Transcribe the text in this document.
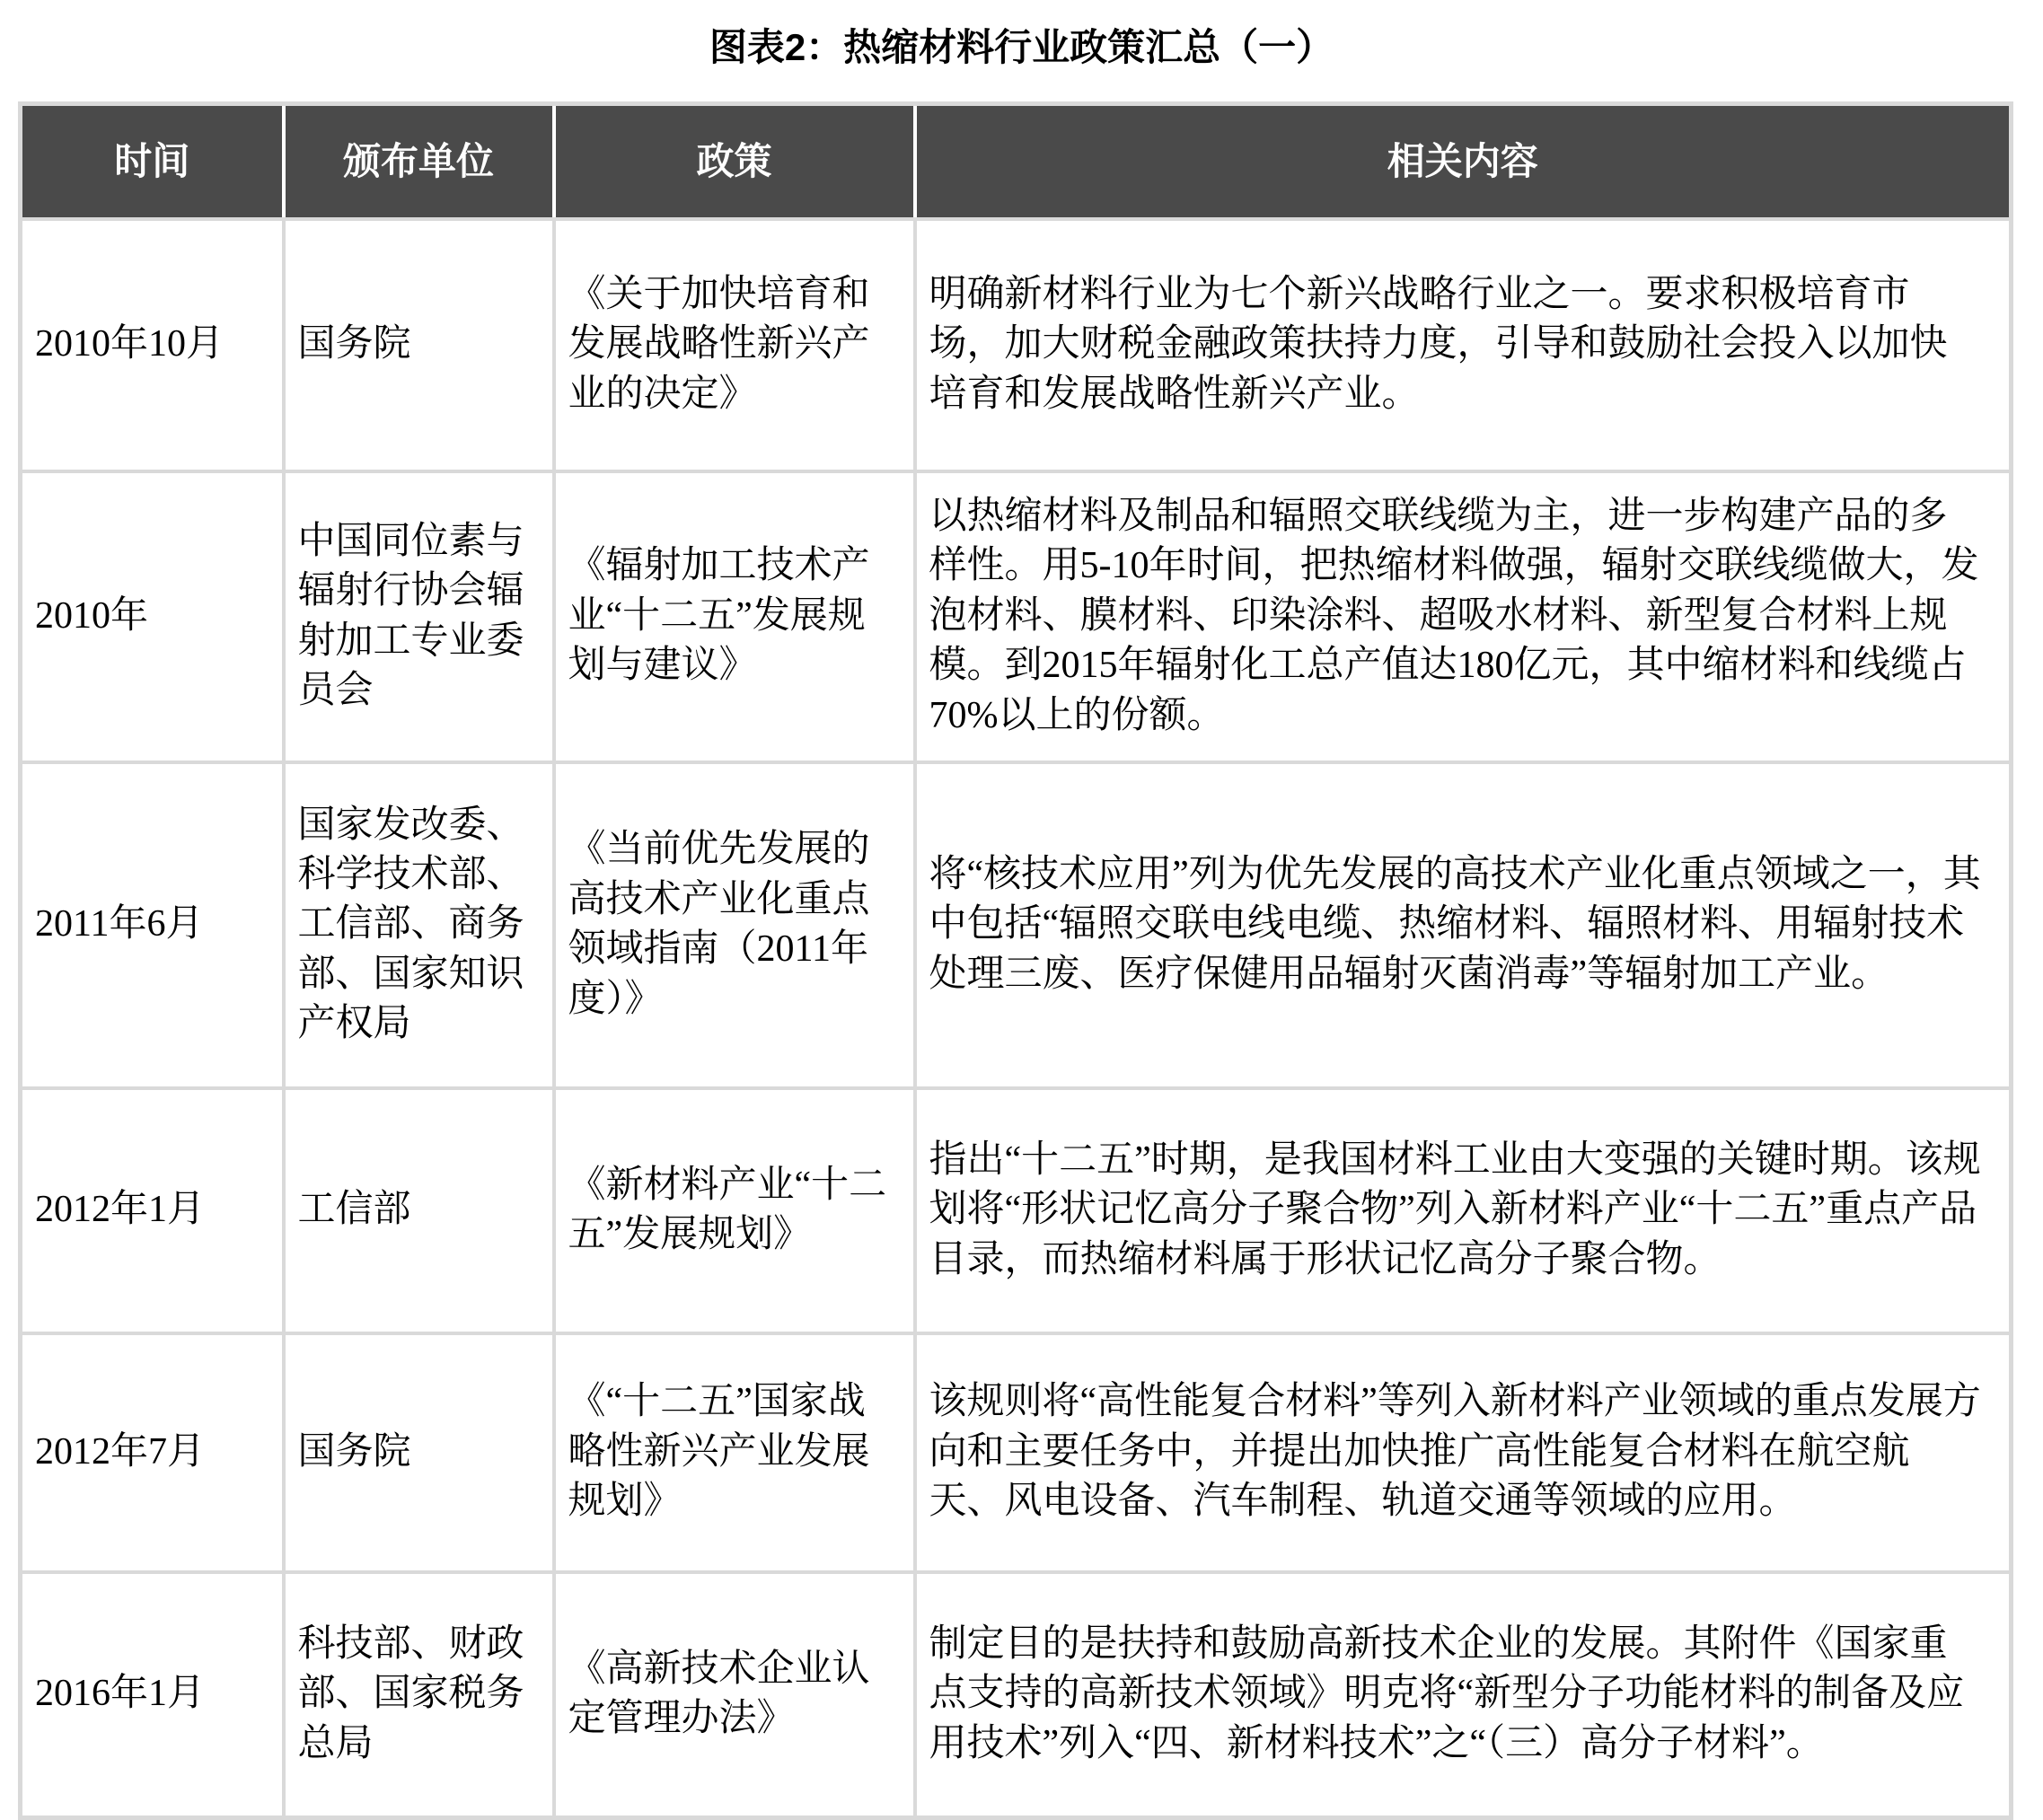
图表2：热缩材料行业政策汇总（一）
时间	颁布单位	政策	相关内容
2010年10月	国务院	《关于加快培育和发展战略性新兴产业的决定》	明确新材料行业为七个新兴战略行业之一。要求积极培育市场，加大财税金融政策扶持力度，引导和鼓励社会投入以加快培育和发展战略性新兴产业。
2010年	中国同位素与辐射行协会辐射加工专业委员会	《辐射加工技术产业“十二五”发展规划与建议》	以热缩材料及制品和辐照交联线缆为主，进一步构建产品的多样性。用5-10年时间，把热缩材料做强，辐射交联线缆做大，发泡材料、膜材料、印染涂料、超吸水材料、新型复合材料上规模。到2015年辐射化工总产值达180亿元，其中缩材料和线缆占70%以上的份额。
2011年6月	国家发改委、科学技术部、工信部、商务部、国家知识产权局	《当前优先发展的高技术产业化重点领域指南（2011年度）》	将“核技术应用”列为优先发展的高技术产业化重点领域之一，其中包括“辐照交联电线电缆、热缩材料、辐照材料、用辐射技术处理三废、医疗保健用品辐射灭菌消毒”等辐射加工产业。
2012年1月	工信部	《新材料产业“十二五”发展规划》	指出“十二五”时期，是我国材料工业由大变强的关键时期。该规划将“形状记忆高分子聚合物”列入新材料产业“十二五”重点产品目录，而热缩材料属于形状记忆高分子聚合物。
2012年7月	国务院	《“十二五”国家战略性新兴产业发展规划》	该规则将“高性能复合材料”等列入新材料产业领域的重点发展方向和主要任务中，并提出加快推广高性能复合材料在航空航天、风电设备、汽车制程、轨道交通等领域的应用。
2016年1月	科技部、财政部、国家税务总局	《高新技术企业认定管理办法》	制定目的是扶持和鼓励高新技术企业的发展。其附件《国家重点支持的高新技术领域》明克将“新型分子功能材料的制备及应用技术”列入“四、新材料技术”之“（三）高分子材料”。
